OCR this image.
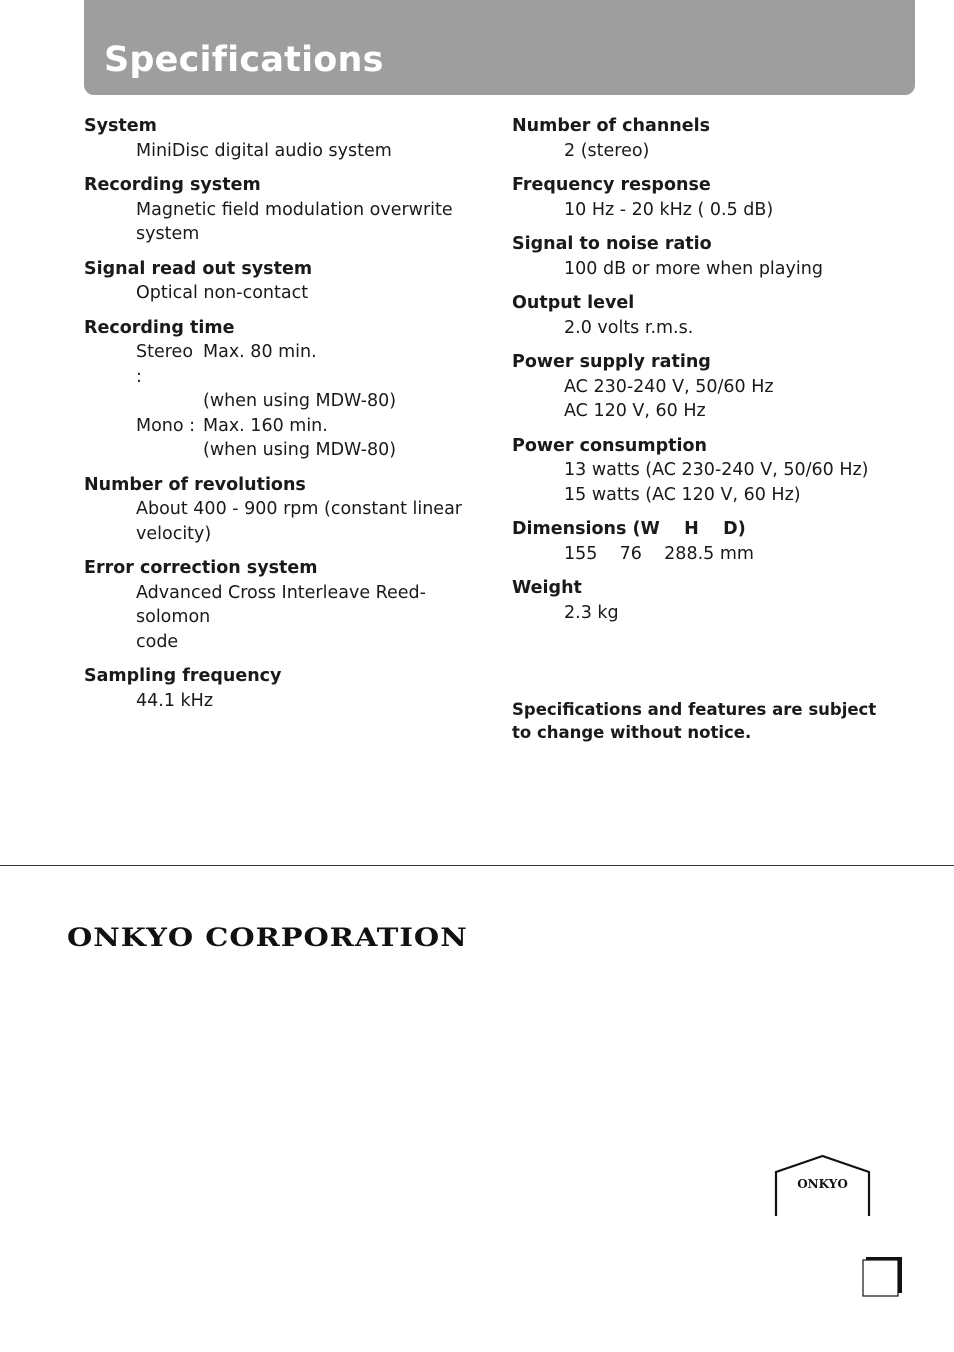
Specifications
System
MiniDisc digital audio system
Recording system
Magnetic field modulation overwrite
system
Signal read out system
Optical non-contact
Recording time
Stereo :
Max. 80 min.
(when using MDW-80)
Mono : Max. 160 min.
(when using MDW-80)
Number of revolutions
About 400 - 900 rpm (constant linear
velocity)
Error correction system
Advanced Cross Interleave Reed-solomon
code
Sampling frequency
44.1 kHz
Number of channels
2 (stereo)
Frequency response
10 Hz - 20 kHz ( 0.5 dB)
Signal to noise ratio
100 dB or more when playing
Output level
2.0 volts r.m.s.
Power supply rating
AC 230-240 V, 50/60 Hz
AC 120 V, 60 Hz
Power consumption
13 watts (AC 230-240 V, 50/60 Hz)
15 watts (AC 120 V, 60 Hz)
Dimensions (W    H    D)
155    76    288.5 mm
Weight
2.3 kg
Specifications and features are subject to change without notice.
ONKYO CORPORATION
ONKYO
